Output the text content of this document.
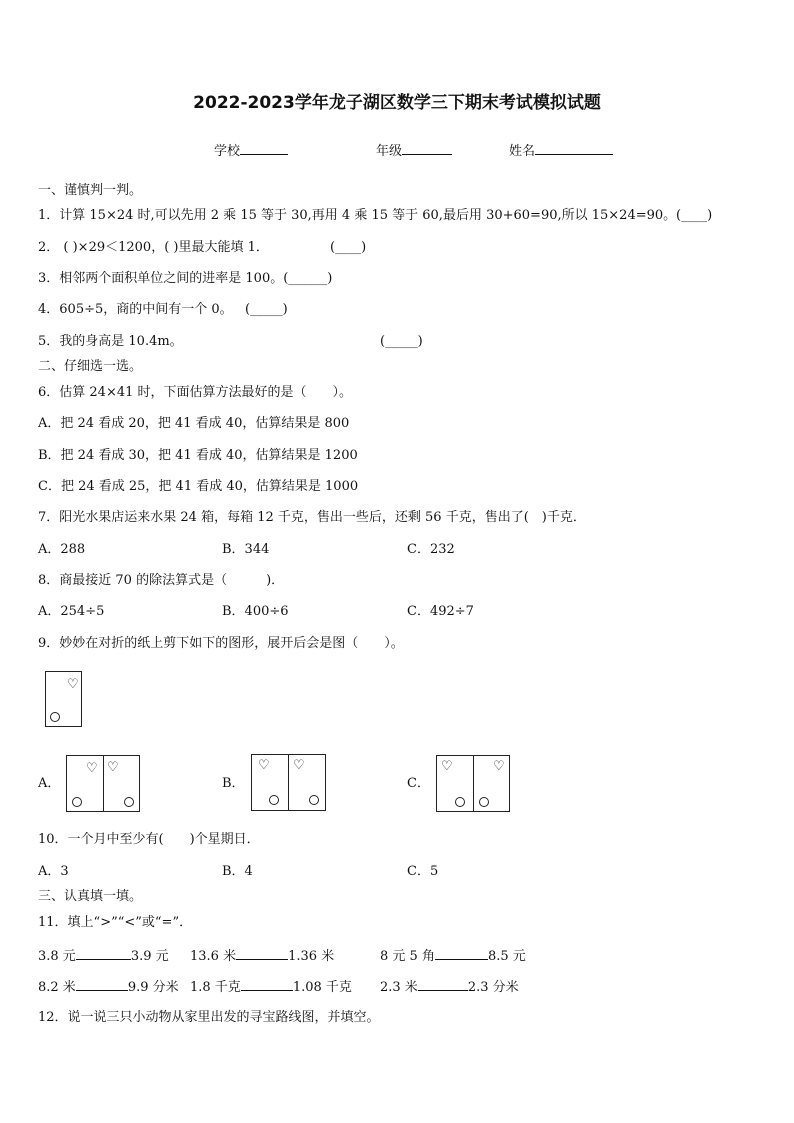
2022-2023学年龙子湖区数学三下期末考试模拟试题
学校	年级	姓名
一、谨慎判一判。
1．计算 15×24 时,可以先用 2 乘 15 等于 30,再用 4 乘 15 等于 60,最后用 30+60=90,所以 15×24=90。 (____)
2． ( )×29＜1200，( )里最大能填 1．	(____)
3．相邻两个面积单位之间的进率是 100。(______)
4．605÷5，商的中间有一个 0。 (_____)
5．我的身高是 10.4m。	(_____)
二、仔细选一选。
6．估算 24×41 时，下面估算方法最好的是（　　）。
A．把 24 看成 20，把 41 看成 40，估算结果是 800
B．把 24 看成 30，把 41 看成 40，估算结果是 1200
C．把 24 看成 25，把 41 看成 40，估算结果是 1000
7．阳光水果店运来水果 24 箱，每箱 12 千克，售出一些后，还剩 56 千克，售出了(　)千克．
A．288	B．344	C．232
8．商最接近 70 的除法算式是（　　　)．
A．254÷5	B．400÷6	C．492÷7
9．妙妙在对折的纸上剪下如下的图形，展开后会是图（　　）。
♡
A．
♡ ♡
B．
♡ ♡
C．
♡	♡
10．一个月中至少有(　　)个星期日．
A．3	B．4	C．5
三、认真填一填。
11．填上“>”“<”或“=”．
3.8 元	3.9 元 13.6 米	1.36 米	8 元 5 角	8.5 元
8.2 米	9.9 分米 1.8 千克	1.08 千克 2.3 米	2.3 分米
12．说一说三只小动物从家里出发的寻宝路线图，并填空。
